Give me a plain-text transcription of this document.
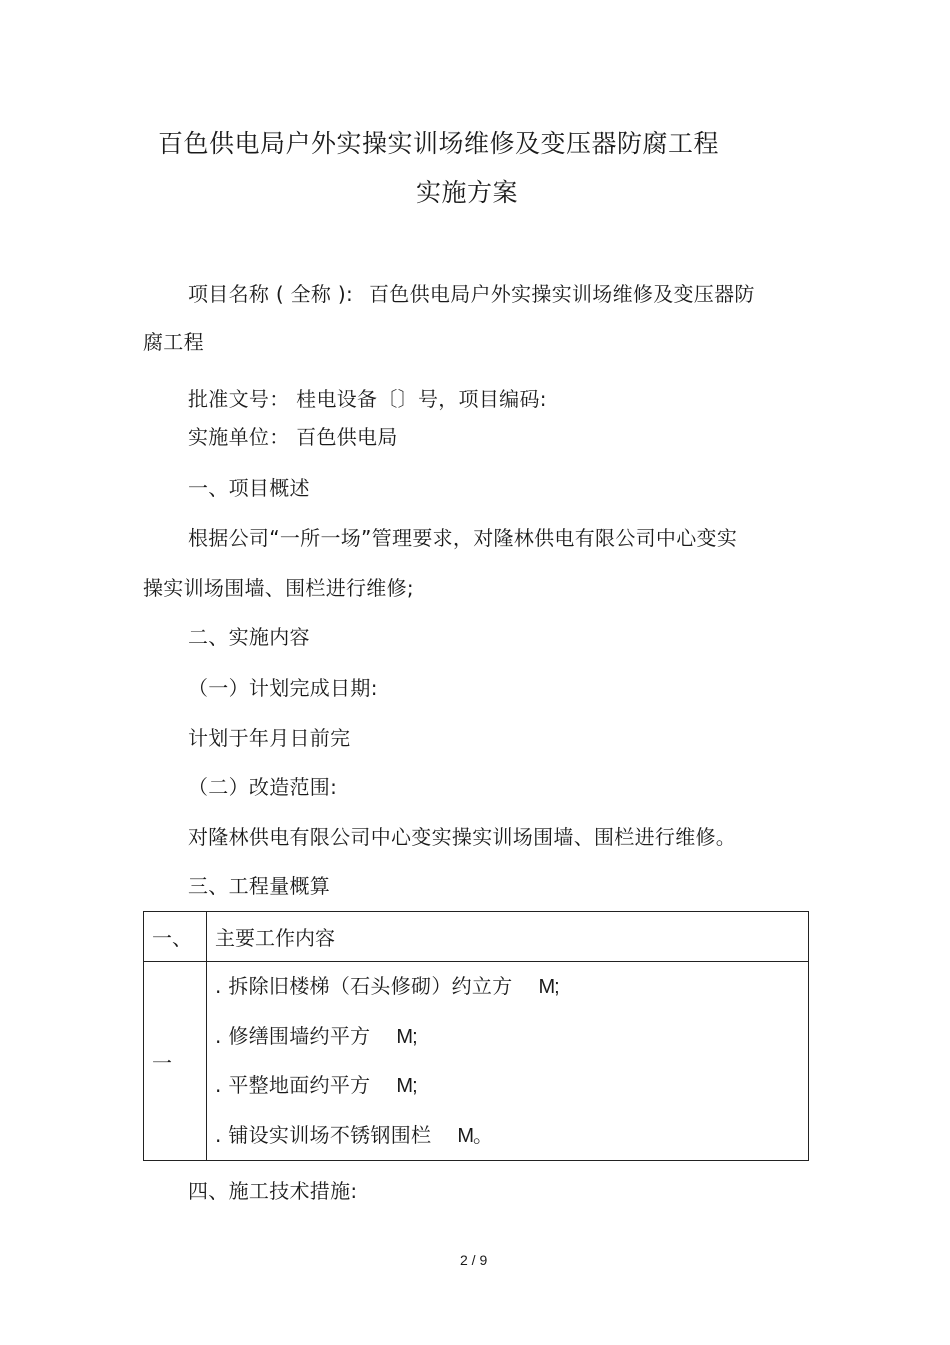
百色供电局户外实操实训场维修及变压器防腐工程
实施方案
项目名称 ( 全称 ): 百色供电局户外实操实训场维修及变压器防
腐工程
批准文号： 桂电设备〔〕号，项目编码:
实施单位： 百色供电局
一、项目概述
根据公司“一所一场”管理要求，对隆林供电有限公司中心变实
操实训场围墙、围栏进行维修;
二、实施内容
（一）计划完成日期:
计划于年月日前完
（二）改造范围:
对隆林供电有限公司中心变实操实训场围墙、围栏进行维修。
三、工程量概算
一、	主要工作内容
一	. 拆除旧楼梯（石头修砌）约立方 M;
. 修缮围墙约平方 M;
. 平整地面约平方 M;
. 铺设实训场不锈钢围栏 M。
四、施工技术措施:
2 / 9
